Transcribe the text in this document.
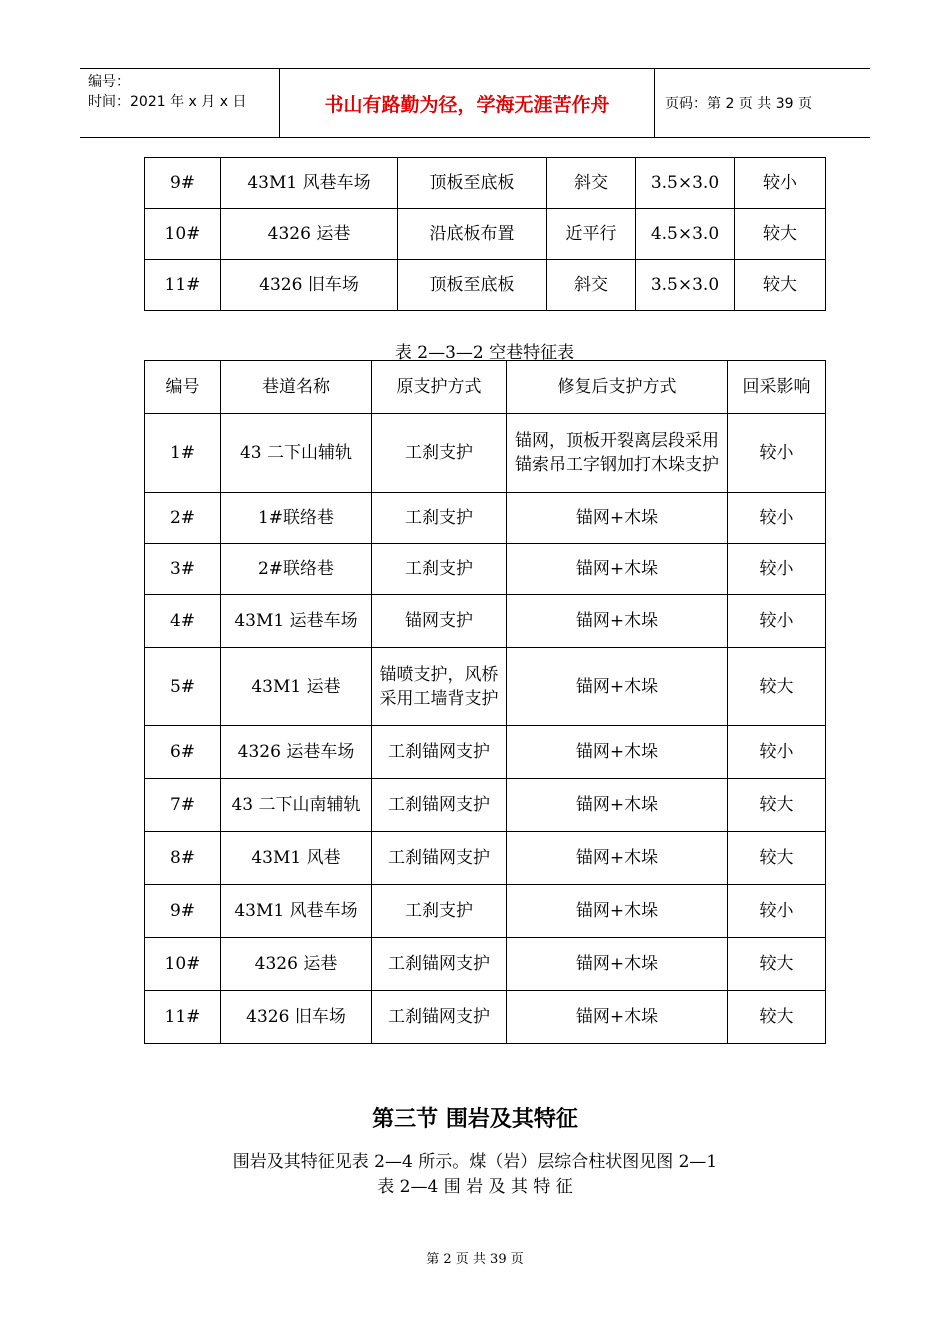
编号：
时间：2021 年 x 月 x 日	书山有路勤为径，学海无涯苦作舟	页码：第 2 页 共 39 页
9#	43M1 风巷车场	顶板至底板	斜交	3.5×3.0	较小
10#	4326 运巷	沿底板布置	近平行	4.5×3.0	较大
11#	4326 旧车场	顶板至底板	斜交	3.5×3.0	较大
表 2—3—2 空巷特征表
编号	巷道名称	原支护方式	修复后支护方式	回采影响
1#	43 二下山辅轨	工刹支护	锚网，顶板开裂离层段采用锚索吊工字钢加打木垛支护	较小
2#	1#联络巷	工刹支护	锚网+木垛	较小
3#	2#联络巷	工刹支护	锚网+木垛	较小
4#	43M1 运巷车场	锚网支护	锚网+木垛	较小
5#	43M1 运巷	锚喷支护，风桥采用工墙背支护	锚网+木垛	较大
6#	4326 运巷车场	工刹锚网支护	锚网+木垛	较小
7#	43 二下山南辅轨	工刹锚网支护	锚网+木垛	较大
8#	43M1 风巷	工刹锚网支护	锚网+木垛	较大
9#	43M1 风巷车场	工刹支护	锚网+木垛	较小
10#	4326 运巷	工刹锚网支护	锚网+木垛	较大
11#	4326 旧车场	工刹锚网支护	锚网+木垛	较大
第三节 围岩及其特征
围岩及其特征见表 2—4 所示。煤（岩）层综合柱状图见图 2—1
表 2—4 围 岩 及 其 特 征
第 2 页 共 39 页
